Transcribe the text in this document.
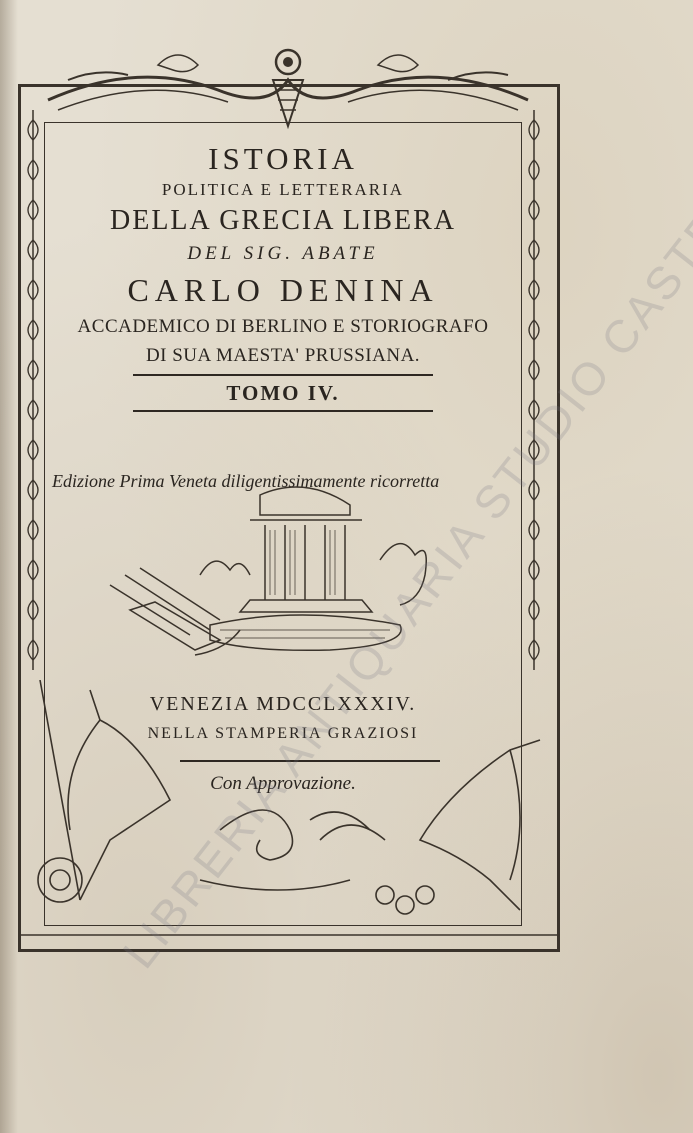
ISTORIA

POLITICA E LETTERARIA

DELLA GRECIA LIBERA

DEL SIG. ABATE

CARLO DENINA

ACCADEMICO DI BERLINO E STORIOGRAFO

DI SUA MAESTA' PRUSSIANA.

TOMO IV.

Edizione Prima Veneta diligentissimamente ricorretta

VENEZIA MDCCLXXXIV.

NELLA STAMPERIA GRAZIOSI

Con Approvazione.
